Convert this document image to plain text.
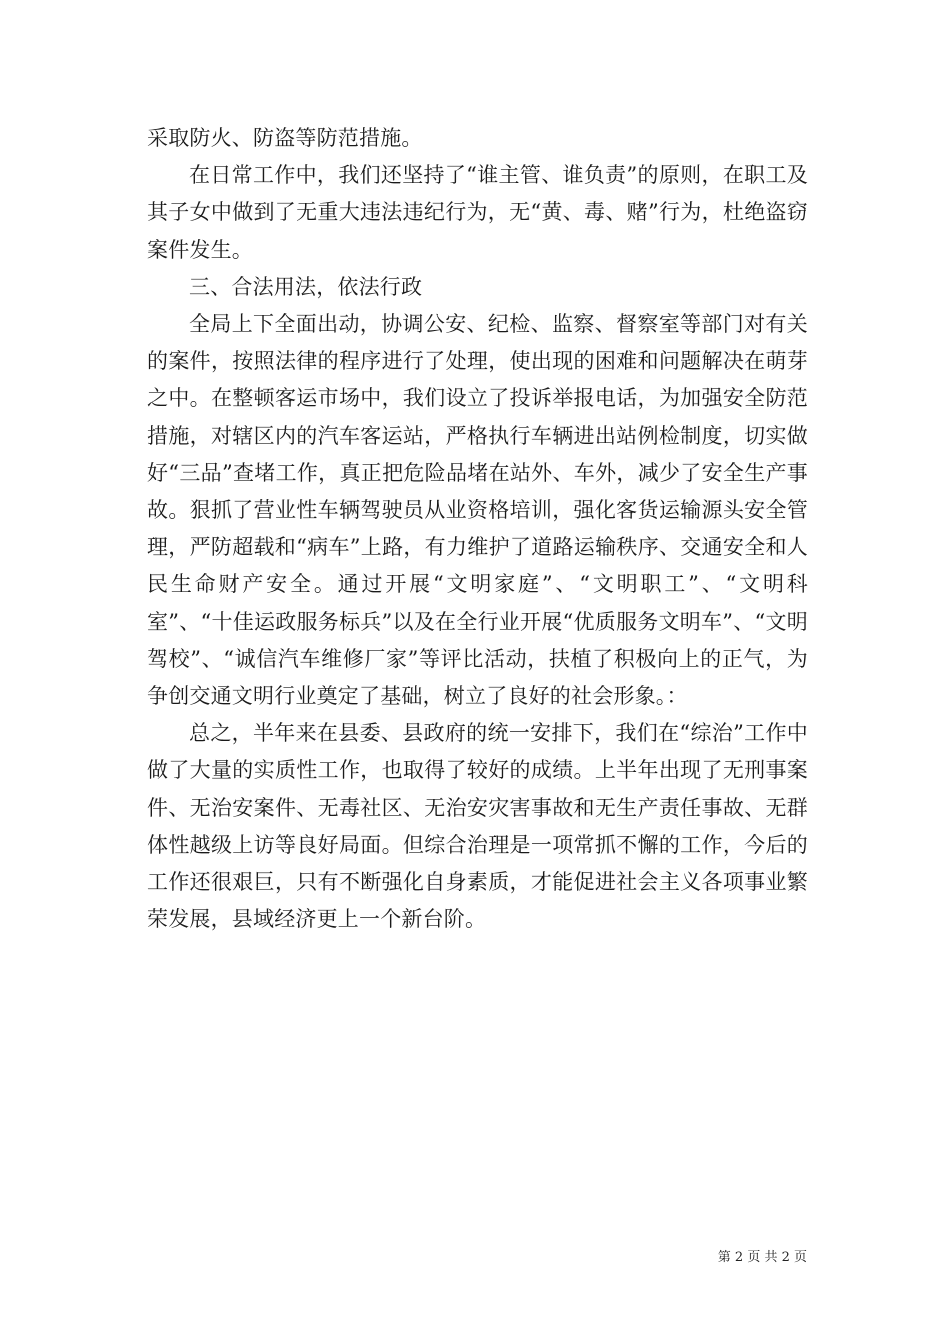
采取防火、防盗等防范措施。

在日常工作中，我们还坚持了“谁主管、谁负责”的原则，在职工及其子女中做到了无重大违法违纪行为，无“黄、毒、赌”行为，杜绝盗窃案件发生。

三、合法用法，依法行政

全局上下全面出动，协调公安、纪检、监察、督察室等部门对有关的案件，按照法律的程序进行了处理，使出现的困难和问题解决在萌芽之中。在整顿客运市场中，我们设立了投诉举报电话，为加强安全防范措施，对辖区内的汽车客运站，严格执行车辆进出站例检制度，切实做好“三品”查堵工作，真正把危险品堵在站外、车外，减少了安全生产事故。狠抓了营业性车辆驾驶员从业资格培训，强化客货运输源头安全管理，严防超载和“病车”上路，有力维护了道路运输秩序、交通安全和人民生命财产安全。通过开展“文明家庭”、“文明职工”、“文明科室”、“十佳运政服务标兵”以及在全行业开展“优质服务文明车”、“文明驾校”、“诚信汽车维修厂家”等评比活动，扶植了积极向上的正气，为争创交通文明行业奠定了基础，树立了良好的社会形象。：

总之，半年来在县委、县政府的统一安排下，我们在“综治”工作中做了大量的实质性工作，也取得了较好的成绩。上半年出现了无刑事案件、无治安案件、无毒社区、无治安灾害事故和无生产责任事故、无群体性越级上访等良好局面。但综合治理是一项常抓不懈的工作，今后的工作还很艰巨，只有不断强化自身素质，才能促进社会主义各项事业繁荣发展，县域经济更上一个新台阶。

第 2 页 共 2 页
